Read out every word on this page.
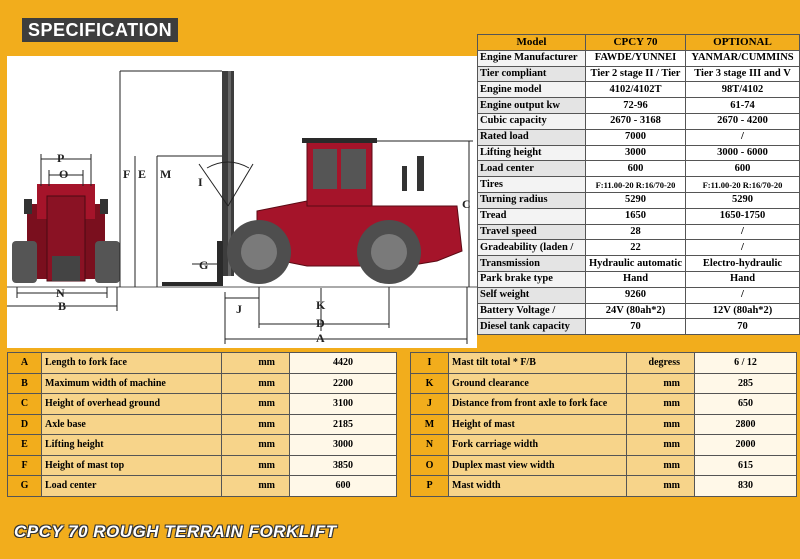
SPECIFICATION
P
O
N
B
F E M
I
G
J	K
D
A
C
Model	CPCY 70	OPTIONAL
Engine Manufacturer	FAWDE/YUNNEI	YANMAR/CUMMINS
Tier compliant	Tier 2 stage II / Tier	Tier 3 stage III and V
Engine model	4102/4102T	98T/4102
Engine output kw	72-96	61-74
Cubic capacity	2670 - 3168	2670 - 4200
Rated load	7000	/
Lifting height	3000	3000 - 6000
Load center	600	600
Tires	F:11.00-20 R:16/70-20	F:11.00-20 R:16/70-20
Turning radius	5290	5290
Tread	1650	1650-1750
Travel speed	28	/
Gradeability (laden /	22	/
Transmission	Hydraulic automatic	Electro-hydraulic
Park brake type	Hand	Hand
Self weight	9260	/
Battery Voltage /	24V (80ah*2)	12V (80ah*2)
Diesel tank capacity	70	70
A	Length to fork face	mm	4420
B	Maximum width of machine	mm	2200
C	Height of overhead ground	mm	3100
D	Axle base	mm	2185
E	Lifting height	mm	3000
F	Height of mast top	mm	3850
G	Load center	mm	600
I	Mast tilt total * F/B	degress	6 / 12
K	Ground clearance	mm	285
J	Distance from front axle to fork face	mm	650
M	Height of mast	mm	2800
N	Fork carriage width	mm	2000
O	Duplex mast view width	mm	615
P	Mast width	mm	830
CPCY 70 ROUGH TERRAIN FORKLIFT
